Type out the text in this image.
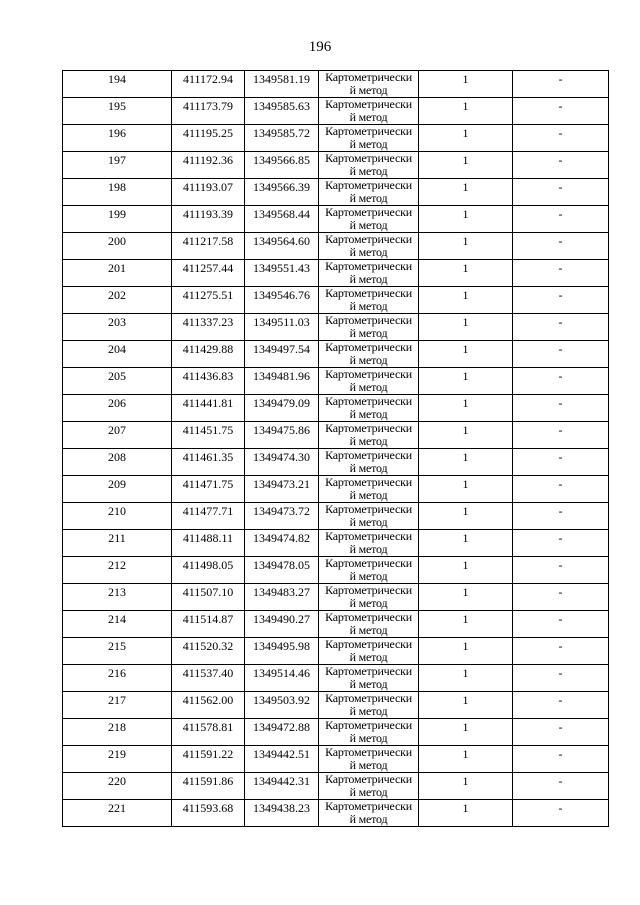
196
194	411172.94	1349581.19	Картометрически
й метод	1	-
195	411173.79	1349585.63	Картометрически
й метод	1	-
196	411195.25	1349585.72	Картометрически
й метод	1	-
197	411192.36	1349566.85	Картометрически
й метод	1	-
198	411193.07	1349566.39	Картометрически
й метод	1	-
199	411193.39	1349568.44	Картометрически
й метод	1	-
200	411217.58	1349564.60	Картометрически
й метод	1	-
201	411257.44	1349551.43	Картометрически
й метод	1	-
202	411275.51	1349546.76	Картометрически
й метод	1	-
203	411337.23	1349511.03	Картометрически
й метод	1	-
204	411429.88	1349497.54	Картометрически
й метод	1	-
205	411436.83	1349481.96	Картометрически
й метод	1	-
206	411441.81	1349479.09	Картометрически
й метод	1	-
207	411451.75	1349475.86	Картометрически
й метод	1	-
208	411461.35	1349474.30	Картометрически
й метод	1	-
209	411471.75	1349473.21	Картометрически
й метод	1	-
210	411477.71	1349473.72	Картометрически
й метод	1	-
211	411488.11	1349474.82	Картометрически
й метод	1	-
212	411498.05	1349478.05	Картометрически
й метод	1	-
213	411507.10	1349483.27	Картометрически
й метод	1	-
214	411514.87	1349490.27	Картометрически
й метод	1	-
215	411520.32	1349495.98	Картометрически
й метод	1	-
216	411537.40	1349514.46	Картометрически
й метод	1	-
217	411562.00	1349503.92	Картометрически
й метод	1	-
218	411578.81	1349472.88	Картометрически
й метод	1	-
219	411591.22	1349442.51	Картометрически
й метод	1	-
220	411591.86	1349442.31	Картометрически
й метод	1	-
221	411593.68	1349438.23	Картометрически
й метод	1	-
